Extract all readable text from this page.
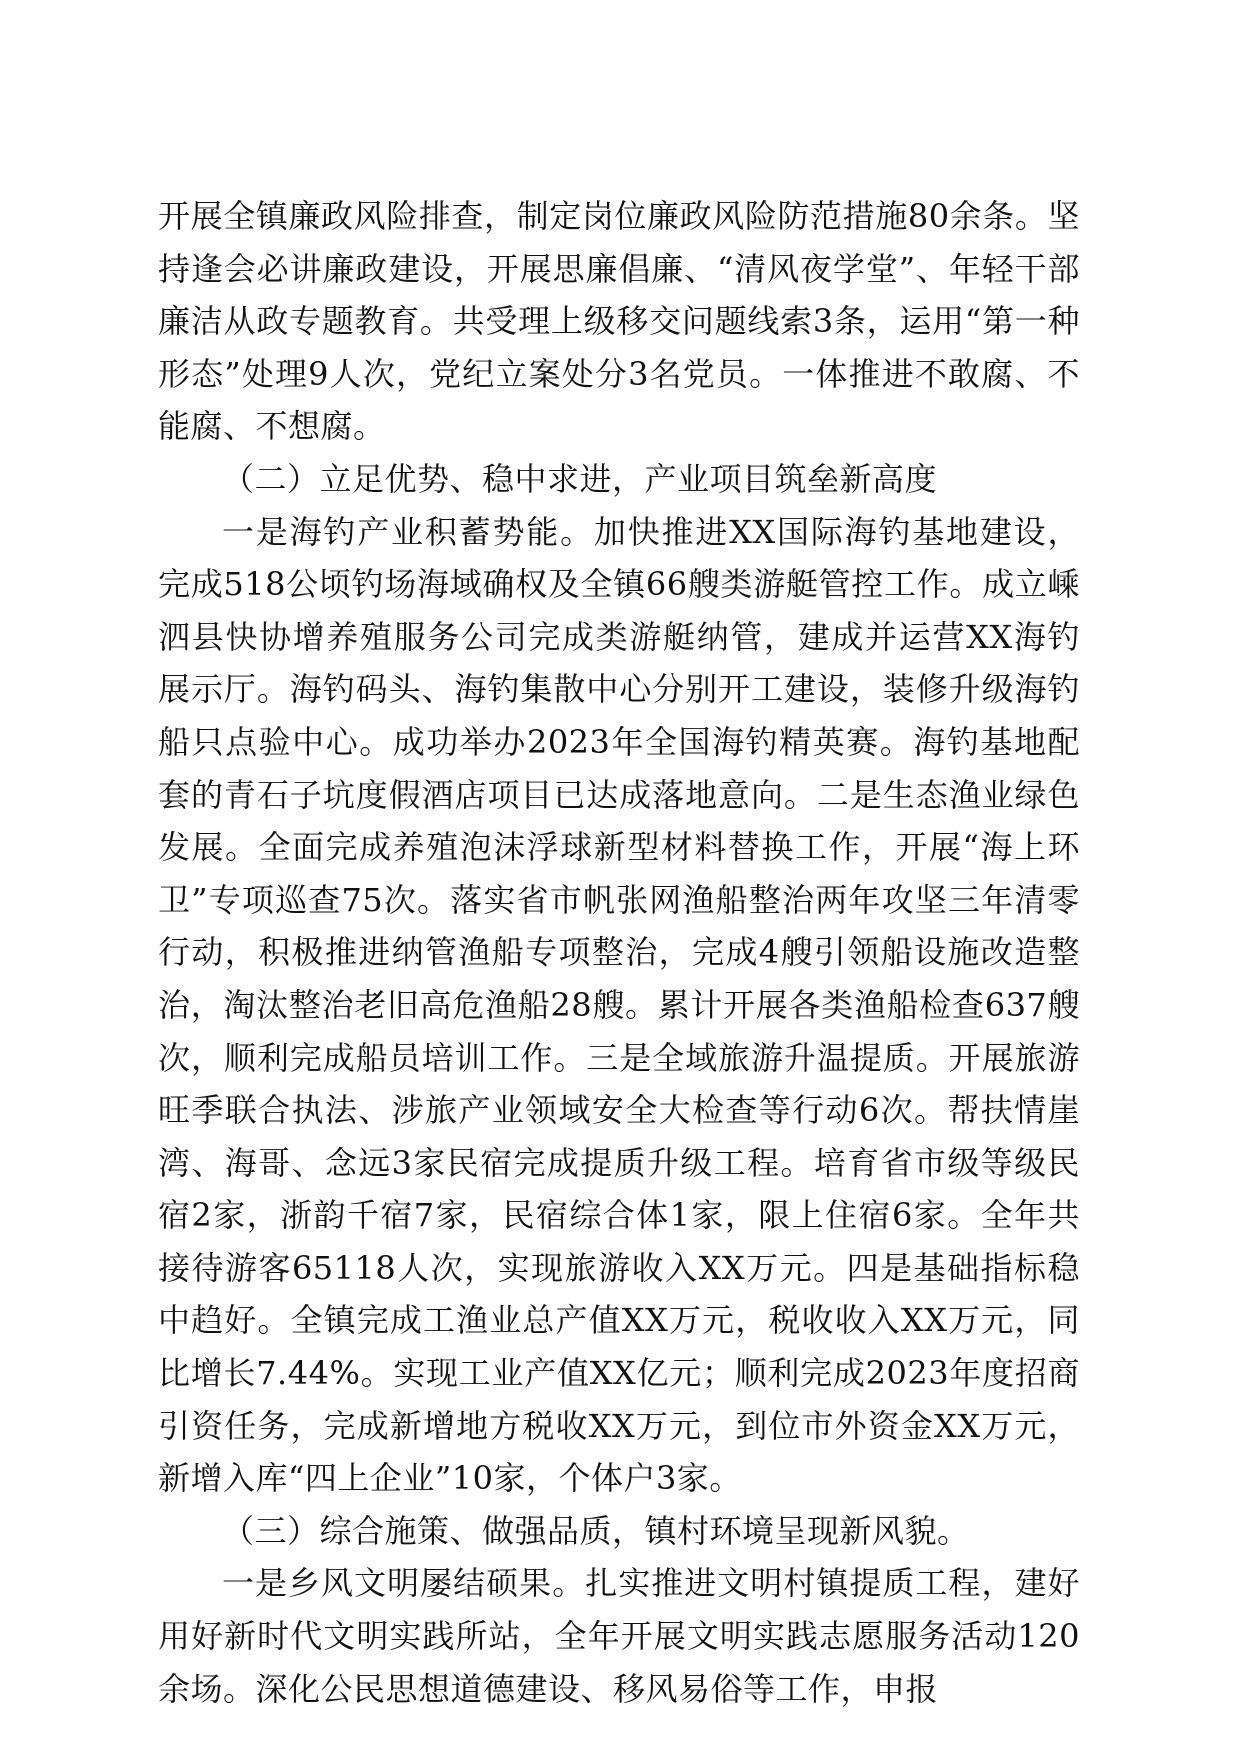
开展全镇廉政风险排查，制定岗位廉政风险防范措施80余条。坚持逢会必讲廉政建设，开展思廉倡廉、“清风夜学堂”、年轻干部廉洁从政专题教育。共受理上级移交问题线索3条，运用“第一种形态”处理9人次，党纪立案处分3名党员。一体推进不敢腐、不能腐、不想腐。

（二）立足优势、稳中求进，产业项目筑垒新高度

一是海钓产业积蓄势能。加快推进XX国际海钓基地建设，完成518公顷钓场海域确权及全镇66艘类游艇管控工作。成立嵊泗县快协增养殖服务公司完成类游艇纳管，建成并运营XX海钓展示厅。海钓码头、海钓集散中心分别开工建设，装修升级海钓船只点验中心。成功举办2023年全国海钓精英赛。海钓基地配套的青石子坑度假酒店项目已达成落地意向。二是生态渔业绿色发展。全面完成养殖泡沫浮球新型材料替换工作，开展“海上环卫”专项巡查75次。落实省市帆张网渔船整治两年攻坚三年清零行动，积极推进纳管渔船专项整治，完成4艘引领船设施改造整治，淘汰整治老旧高危渔船28艘。累计开展各类渔船检查637艘次，顺利完成船员培训工作。三是全域旅游升温提质。开展旅游旺季联合执法、涉旅产业领域安全大检查等行动6次。帮扶情崖湾、海哥、念远3家民宿完成提质升级工程。培育省市级等级民宿2家，浙韵千宿7家，民宿综合体1家，限上住宿6家。全年共接待游客65118人次，实现旅游收入XX万元。四是基础指标稳中趋好。全镇完成工渔业总产值XX万元，税收收入XX万元，同比增长7.44%。实现工业产值XX亿元；顺利完成2023年度招商引资任务，完成新增地方税收XX万元，到位市外资金XX万元，新增入库“四上企业”10家，个体户3家。

（三）综合施策、做强品质，镇村环境呈现新风貌。

一是乡风文明屡结硕果。扎实推进文明村镇提质工程，建好用好新时代文明实践所站，全年开展文明实践志愿服务活动120余场。深化公民思想道德建设、移风易俗等工作，申报
